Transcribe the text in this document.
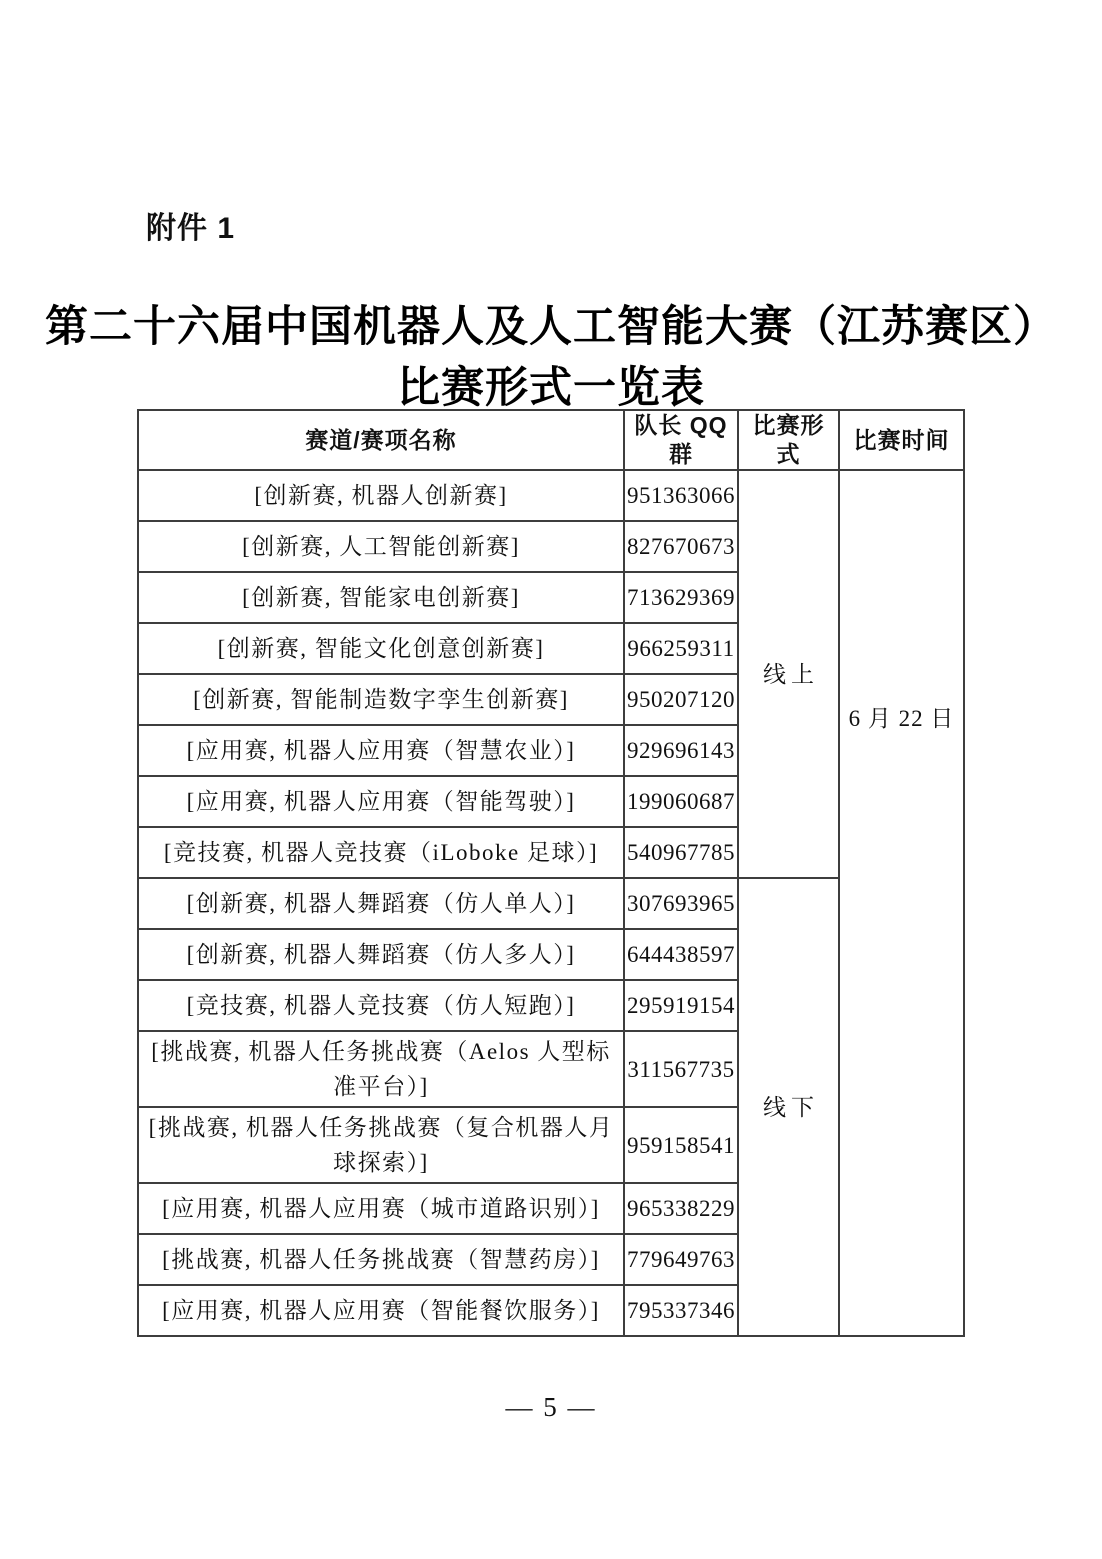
附件 1
第二十六届中国机器人及人工智能大赛（江苏赛区）
比赛形式一览表
赛道/赛项名称	队长 QQ 群	比赛形式	比赛时间
[创新赛, 机器人创新赛]	951363066	线上	6 月 22 日
[创新赛, 人工智能创新赛]	827670673		
[创新赛, 智能家电创新赛]	713629369		
[创新赛, 智能文化创意创新赛]	966259311		
[创新赛, 智能制造数字孪生创新赛]	950207120		
[应用赛, 机器人应用赛（智慧农业）]	929696143		
[应用赛, 机器人应用赛（智能驾驶）]	199060687		
[竞技赛, 机器人竞技赛（iLoboke 足球）]	540967785		
[创新赛, 机器人舞蹈赛（仿人单人）]	307693965	线下	
[创新赛, 机器人舞蹈赛（仿人多人）]	644438597		
[竞技赛, 机器人竞技赛（仿人短跑）]	295919154		
[挑战赛, 机器人任务挑战赛（Aelos 人型标准平台）]	311567735		
[挑战赛, 机器人任务挑战赛（复合机器人月球探索）]	959158541		
[应用赛, 机器人应用赛（城市道路识别）]	965338229		
[挑战赛, 机器人任务挑战赛（智慧药房）]	779649763		
[应用赛, 机器人应用赛（智能餐饮服务）]	795337346		
— 5 —
